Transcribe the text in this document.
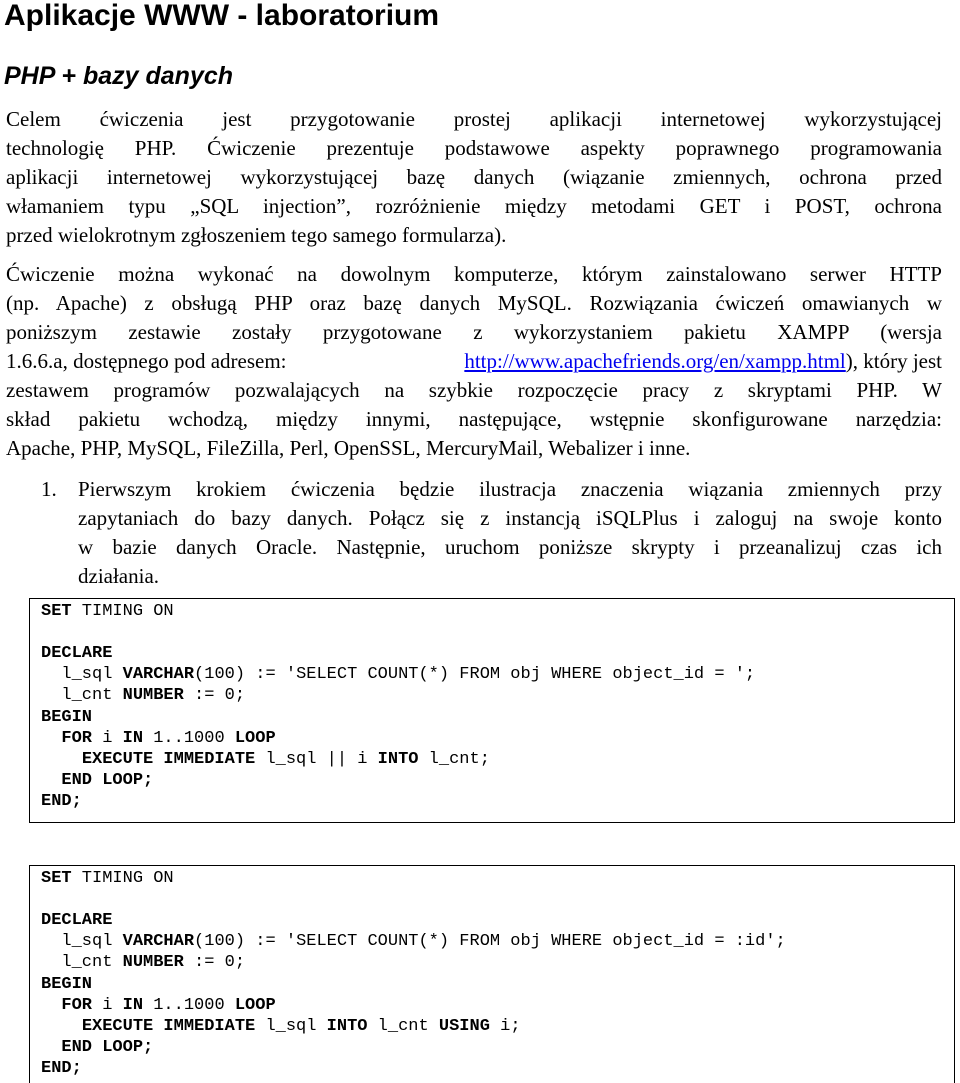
Aplikacje WWW - laboratorium
PHP + bazy danych
Celem ćwiczenia jest przygotowanie prostej aplikacji internetowej wykorzystującej
technologię PHP. Ćwiczenie prezentuje podstawowe aspekty poprawnego programowania
aplikacji internetowej wykorzystującej bazę danych (wiązanie zmiennych, ochrona przed
włamaniem typu „SQL injection”, rozróżnienie między metodami GET i POST, ochrona
przed wielokrotnym zgłoszeniem tego samego formularza).
Ćwiczenie można wykonać na dowolnym komputerze, którym zainstalowano serwer HTTP
(np. Apache) z obsługą PHP oraz bazę danych MySQL. Rozwiązania ćwiczeń omawianych w
poniższym zestawie zostały przygotowane z wykorzystaniem pakietu XAMPP (wersja
1.6.6.a, dostępnego pod adresem:	http://www.apachefriends.org/en/xampp.html), który jest
zestawem programów pozwalających na szybkie rozpoczęcie pracy z skryptami PHP. W
skład pakietu wchodzą, między innymi, następujące, wstępnie skonfigurowane narzędzia:
Apache, PHP, MySQL, FileZilla, Perl, OpenSSL, MercuryMail, Webalizer i inne.
1. Pierwszym krokiem ćwiczenia będzie ilustracja znaczenia wiązania zmiennych przy
zapytaniach do bazy danych. Połącz się z instancją iSQLPlus i zaloguj na swoje konto
w bazie danych Oracle. Następnie, uruchom poniższe skrypty i przeanalizuj czas ich
działania.
SET TIMING ON
DECLARE
l_sql VARCHAR(100) := 'SELECT COUNT(*) FROM obj WHERE object_id = ';
l_cnt NUMBER := 0;
BEGIN
FOR i IN 1..1000 LOOP
EXECUTE IMMEDIATE l_sql || i INTO l_cnt;
END LOOP;
END;
SET TIMING ON
DECLARE
l_sql VARCHAR(100) := 'SELECT COUNT(*) FROM obj WHERE object_id = :id';
l_cnt NUMBER := 0;
BEGIN
FOR i IN 1..1000 LOOP
EXECUTE IMMEDIATE l_sql INTO l_cnt USING i;
END LOOP;
END;
